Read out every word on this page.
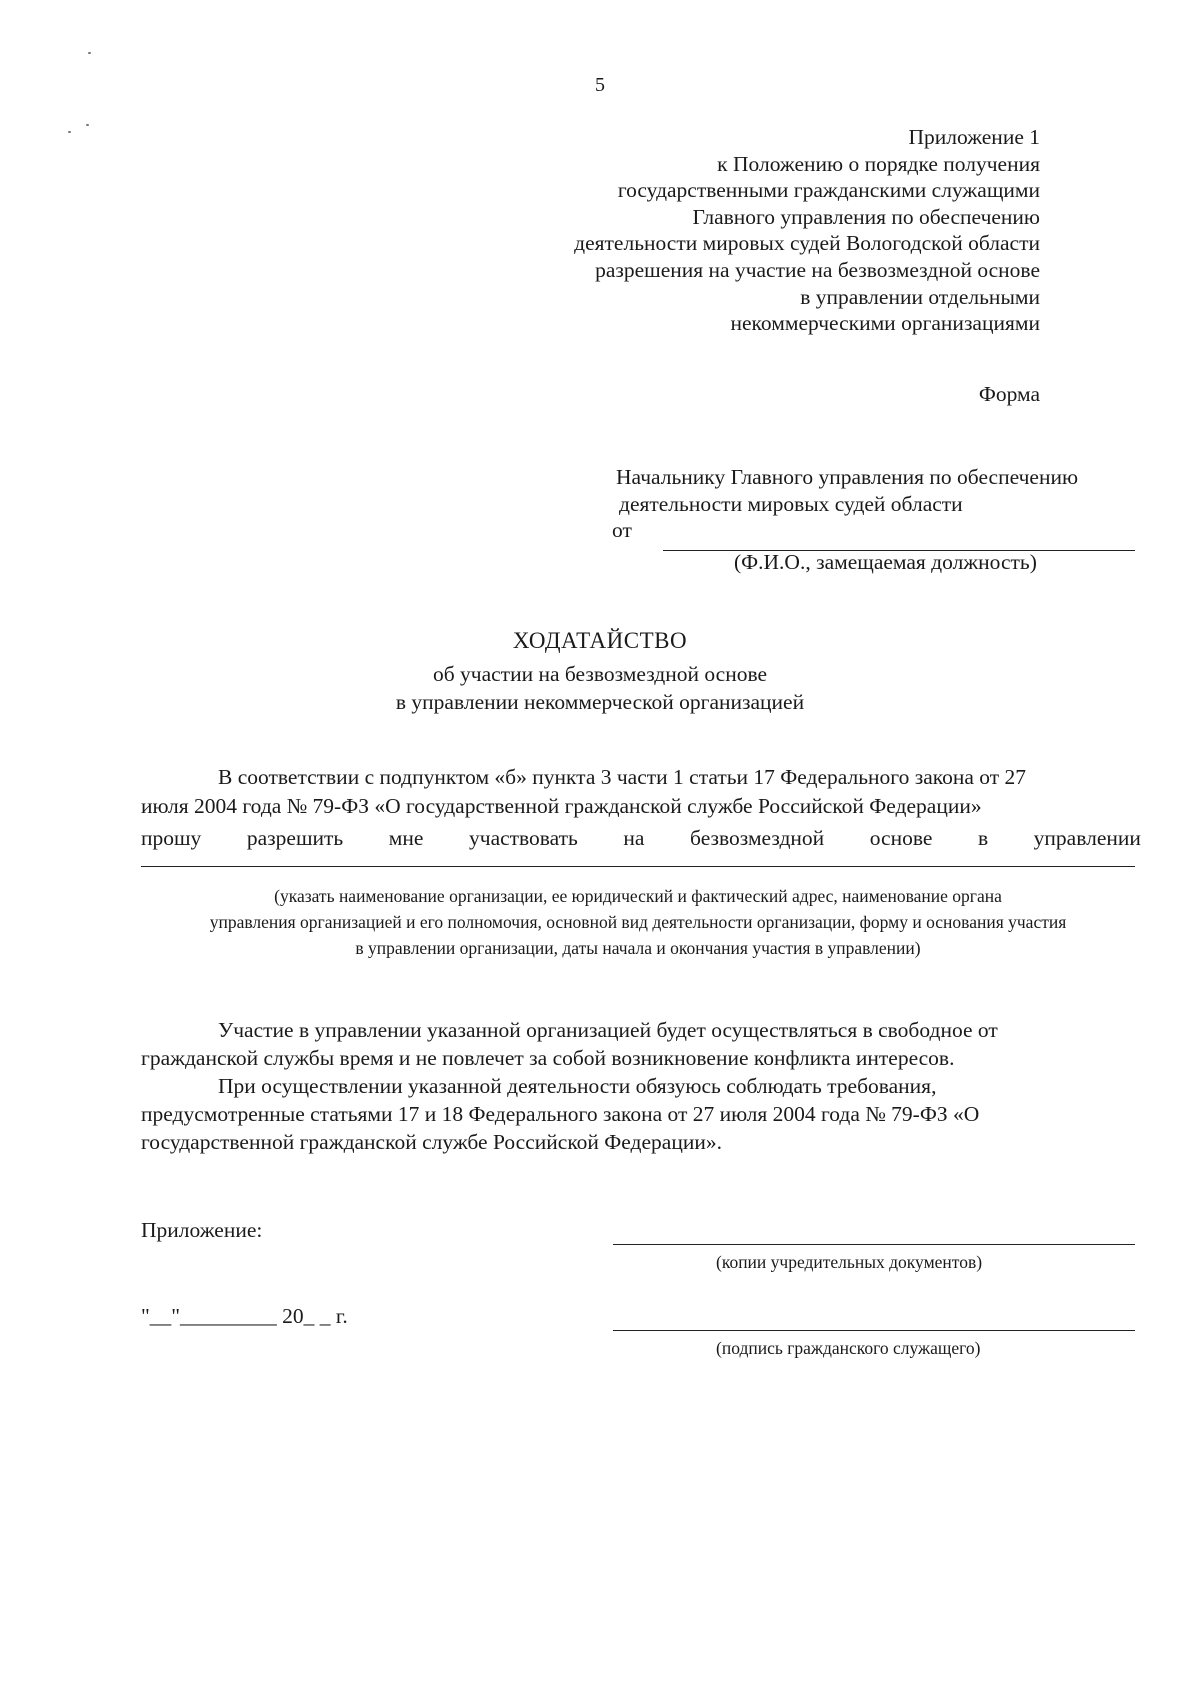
5
Приложение 1
к Положению о порядке получения
государственными гражданскими служащими
Главного управления по обеспечению
деятельности мировых судей Вологодской области
разрешения на участие на безвозмездной основе
в управлении отдельными
некоммерческими организациями
Форма
Начальнику Главного управления по обеспечению
деятельности мировых судей области
от
(Ф.И.О., замещаемая должность)
ХОДАТАЙСТВО
об участии на безвозмездной основе
в управлении некоммерческой организацией
В соответствии с подпунктом «б» пункта 3 части 1 статьи 17 Федерального закона от 27
июля 2004 года № 79-ФЗ «О государственной гражданской службе Российской Федерации»
прошу разрешить мне участвовать на безвозмездной основе в управлении
(указать наименование организации, ее юридический и фактический адрес, наименование органа
управления организацией и его полномочия, основной вид деятельности организации, форму и основания участия
в управлении организации, даты начала и окончания участия в управлении)
Участие в управлении указанной организацией будет осуществляться в свободное от
гражданской службы время и не повлечет за собой возникновение конфликта интересов.
При осуществлении указанной деятельности обязуюсь соблюдать требования,
предусмотренные статьями 17 и 18 Федерального закона от 27 июля 2004 года № 79-ФЗ «О
государственной гражданской службе Российской Федерации».
Приложение:
(копии учредительных документов)
"__"_________ 20_ _ г.
(подпись гражданского служащего)
